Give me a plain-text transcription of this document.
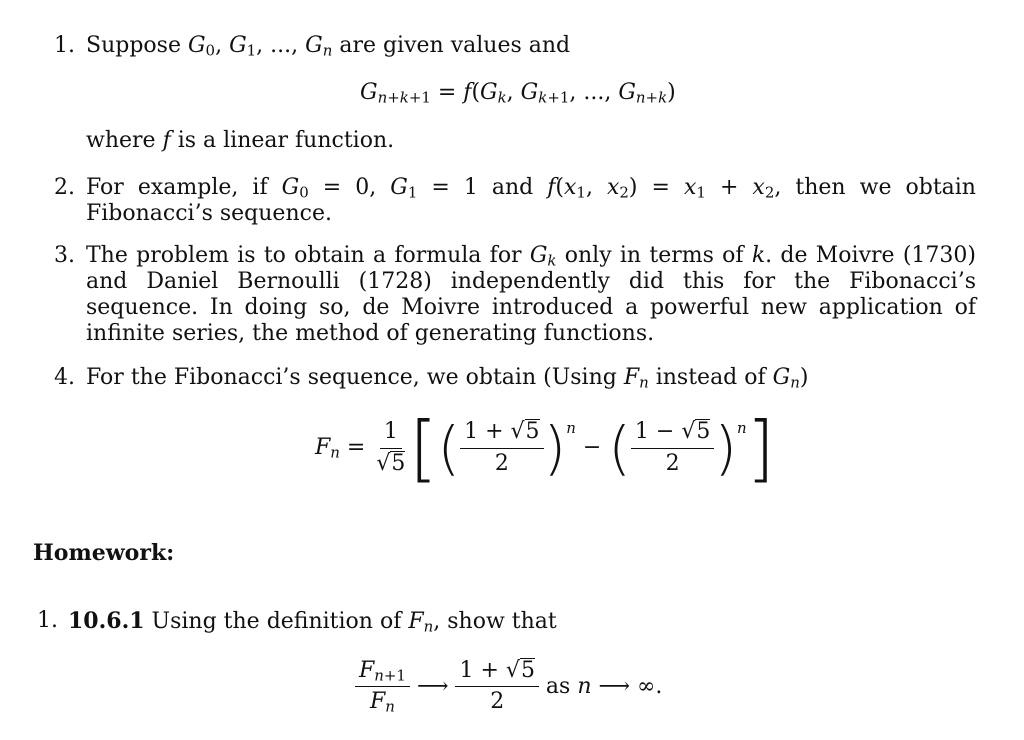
1. Suppose $G_0$, $G_1$, ..., $G_n$ are given values and
$G_{n+k+1} = f(G_k$, $G_{k+1}$, ..., $G_{n+k}$)
where f is a linear function.
2. For example, if $G_0 = 0$, $G_1 = 1$ and $f(x_1$, $x_2) = x_1 + x_2$, then we obtain Fibonacci’s sequence.
3. The problem is to obtain a formula for $G_k$ only in terms of k. de Moivre (1730) and Daniel Bernoulli (1728) independently did this for the Fibonacci’s sequence. In doing so, de Moivre introduced a powerful new application of infinite series, the method of generating functions.
4. For the Fibonacci’s sequence, we obtain (Using $F_n$ instead of $G_n$)
$F_n = \frac{1}{√ 5}$ [ ( $\frac{1 + √ 5}{2}$ ) n
− ( $\frac{1 - √ 5}{2}$ ) n ]
Homework:
1. 10.6.1 Using the definition of $F_n$, show that
$\frac{F_{n+1}}{F_n}$ ⟶ $\frac{1 + √ 5}{2}$ as n ⟶ ∞.
